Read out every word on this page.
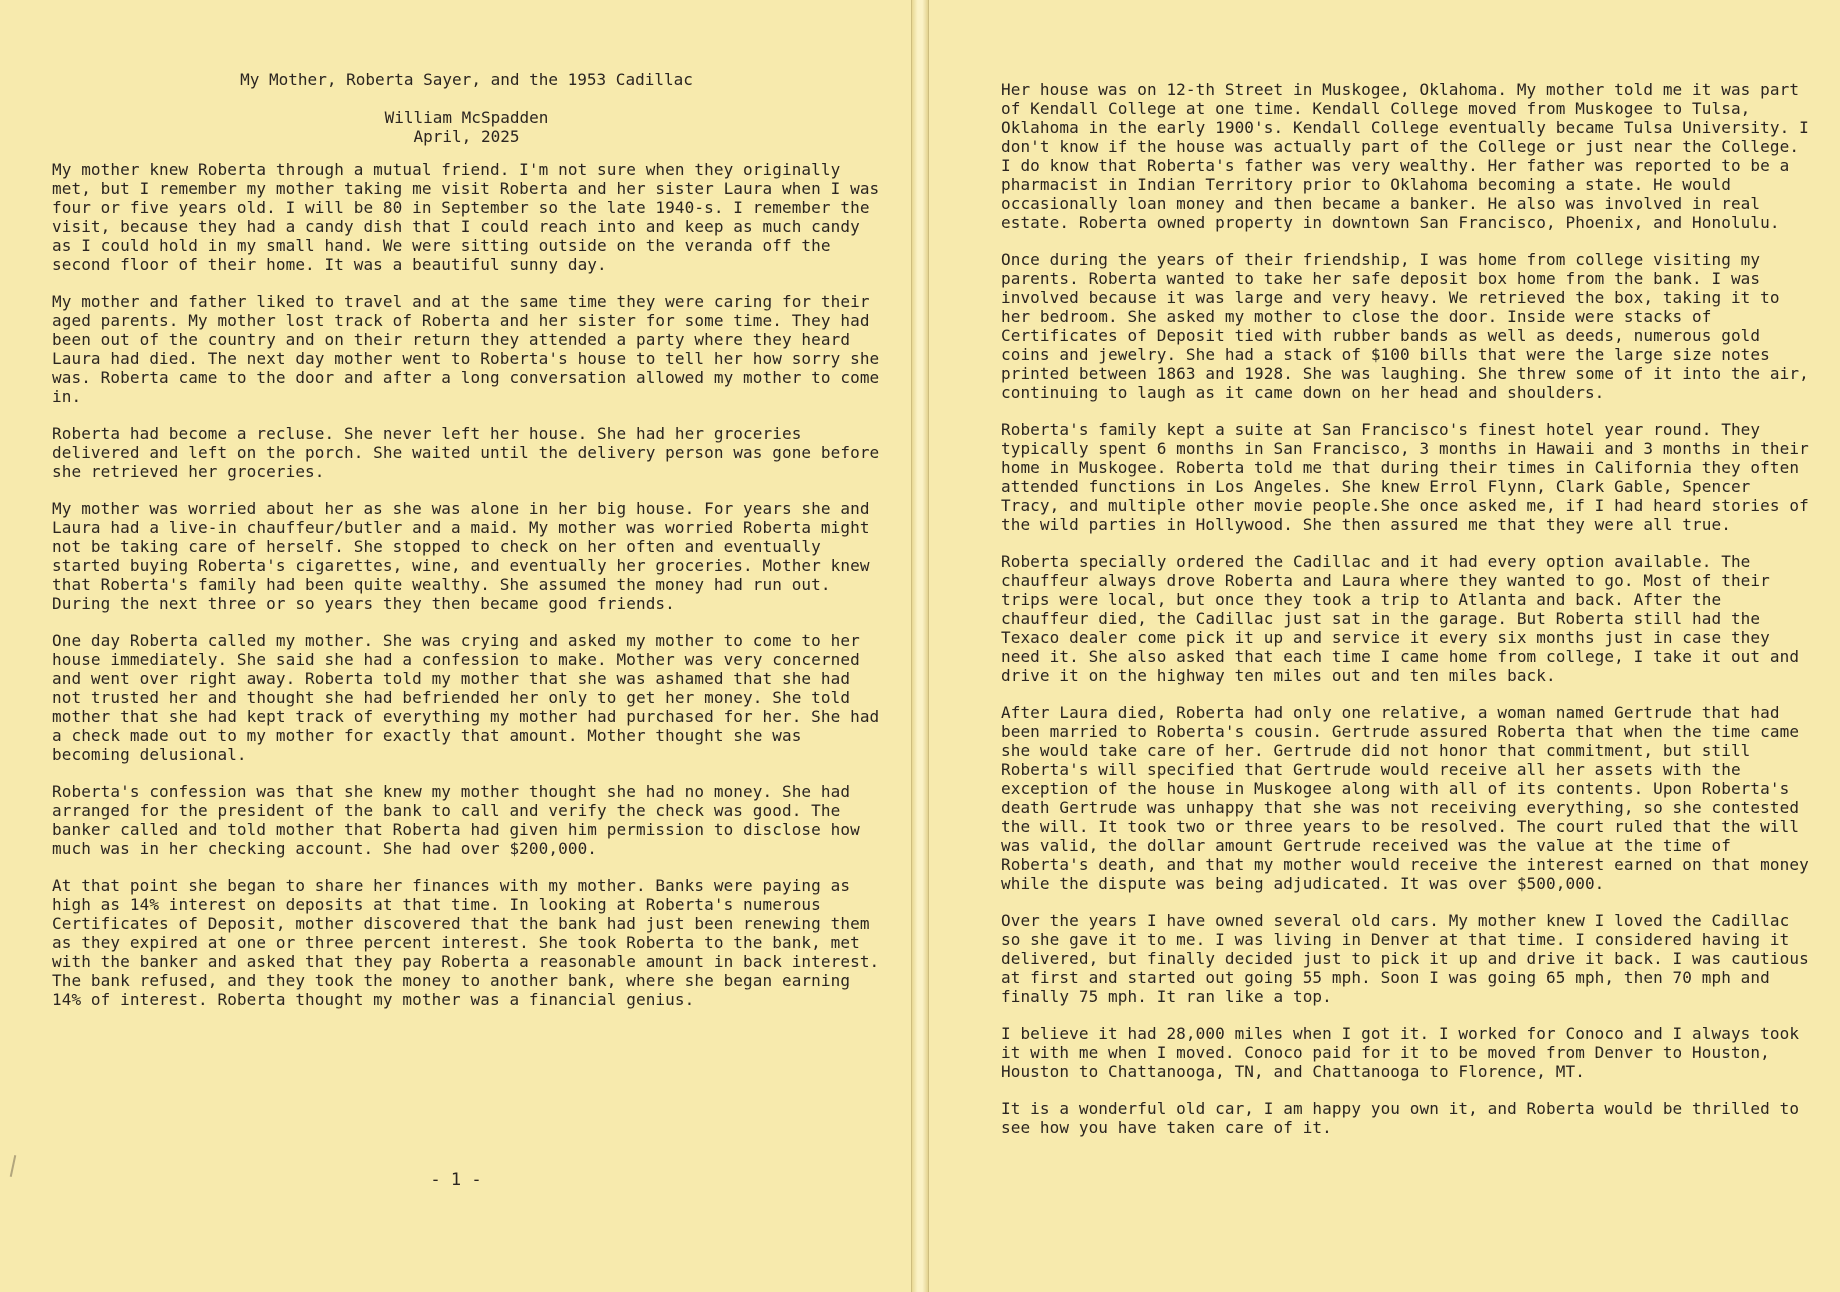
My Mother, Roberta Sayer, and the 1953 Cadillac
William McSpadden
April, 2025

My mother knew Roberta through a mutual friend. I'm not sure when they originally met, but I remember my mother taking me visit Roberta and her sister Laura when I was four or five years old. I will be 80 in September so the late 1940-s. I remember the visit, because they had a candy dish that I could reach into and keep as much candy as I could hold in my small hand. We were sitting outside on the veranda off the second floor of their home. It was a beautiful sunny day.

My mother and father liked to travel and at the same time they were caring for their aged parents. My mother lost track of Roberta and her sister for some time. They had been out of the country and on their return they attended a party where they heard Laura had died. The next day mother went to Roberta's house to tell her how sorry she was. Roberta came to the door and after a long conversation allowed my mother to come in.

Roberta had become a recluse. She never left her house. She had her groceries delivered and left on the porch. She waited until the delivery person was gone before she retrieved her groceries.

My mother was worried about her as she was alone in her big house. For years she and Laura had a live-in chauffeur/butler and a maid. My mother was worried Roberta might not be taking care of herself. She stopped to check on her often and eventually started buying Roberta's cigarettes, wine, and eventually her groceries. Mother knew that Roberta's family had been quite wealthy. She assumed the money had run out. During the next three or so years they then became good friends.

One day Roberta called my mother. She was crying and asked my mother to come to her house immediately. She said she had a confession to make. Mother was very concerned and went over right away. Roberta told my mother that she was ashamed that she had not trusted her and thought she had befriended her only to get her money. She told mother that she had kept track of everything my mother had purchased for her. She had a check made out to my mother for exactly that amount. Mother thought she was becoming delusional.

Roberta's confession was that she knew my mother thought she had no money. She had arranged for the president of the bank to call and verify the check was good. The banker called and told mother that Roberta had given him permission to disclose how much was in her checking account. She had over $200,000.

At that point she began to share her finances with my mother. Banks were paying as high as 14% interest on deposits at that time. In looking at Roberta's numerous Certificates of Deposit, mother discovered that the bank had just been renewing them as they expired at one or three percent interest. She took Roberta to the bank, met with the banker and asked that they pay Roberta a reasonable amount in back interest. The bank refused, and they took the money to another bank, where she began earning 14% of interest. Roberta thought my mother was a financial genius.

- 1 -

Her house was on 12-th Street in Muskogee, Oklahoma. My mother told me it was part of Kendall College at one time. Kendall College moved from Muskogee to Tulsa, Oklahoma in the early 1900's. Kendall College eventually became Tulsa University. I don't know if the house was actually part of the College or just near the College. I do know that Roberta's father was very wealthy. Her father was reported to be a pharmacist in Indian Territory prior to Oklahoma becoming a state. He would occasionally loan money and then became a banker. He also was involved in real estate. Roberta owned property in downtown San Francisco, Phoenix, and Honolulu.

Once during the years of their friendship, I was home from college visiting my parents. Roberta wanted to take her safe deposit box home from the bank. I was involved because it was large and very heavy. We retrieved the box, taking it to her bedroom. She asked my mother to close the door. Inside were stacks of Certificates of Deposit tied with rubber bands as well as deeds, numerous gold coins and jewelry. She had a stack of $100 bills that were the large size notes printed between 1863 and 1928. She was laughing. She threw some of it into the air, continuing to laugh as it came down on her head and shoulders.

Roberta's family kept a suite at San Francisco's finest hotel year round. They typically spent 6 months in San Francisco, 3 months in Hawaii and 3 months in their home in Muskogee. Roberta told me that during their times in California they often attended functions in Los Angeles. She knew Errol Flynn, Clark Gable, Spencer Tracy, and multiple other movie people.She once asked me, if I had heard stories of the wild parties in Hollywood. She then assured me that they were all true.

Roberta specially ordered the Cadillac and it had every option available. The chauffeur always drove Roberta and Laura where they wanted to go. Most of their trips were local, but once they took a trip to Atlanta and back. After the chauffeur died, the Cadillac just sat in the garage. But Roberta still had the Texaco dealer come pick it up and service it every six months just in case they need it. She also asked that each time I came home from college, I take it out and drive it on the highway ten miles out and ten miles back.

After Laura died, Roberta had only one relative, a woman named Gertrude that had been married to Roberta's cousin. Gertrude assured Roberta that when the time came she would take care of her. Gertrude did not honor that commitment, but still Roberta's will specified that Gertrude would receive all her assets with the exception of the house in Muskogee along with all of its contents. Upon Roberta's death Gertrude was unhappy that she was not receiving everything, so she contested the will. It took two or three years to be resolved. The court ruled that the will was valid, the dollar amount Gertrude received was the value at the time of Roberta's death, and that my mother would receive the interest earned on that money while the dispute was being adjudicated. It was over $500,000.

Over the years I have owned several old cars. My mother knew I loved the Cadillac so she gave it to me. I was living in Denver at that time. I considered having it delivered, but finally decided just to pick it up and drive it back. I was cautious at first and started out going 55 mph. Soon I was going 65 mph, then 70 mph and finally 75 mph. It ran like a top.

I believe it had 28,000 miles when I got it. I worked for Conoco and I always took it with me when I moved. Conoco paid for it to be moved from Denver to Houston, Houston to Chattanooga, TN, and Chattanooga to Florence, MT.

It is a wonderful old car, I am happy you own it, and Roberta would be thrilled to see how you have taken care of it.
